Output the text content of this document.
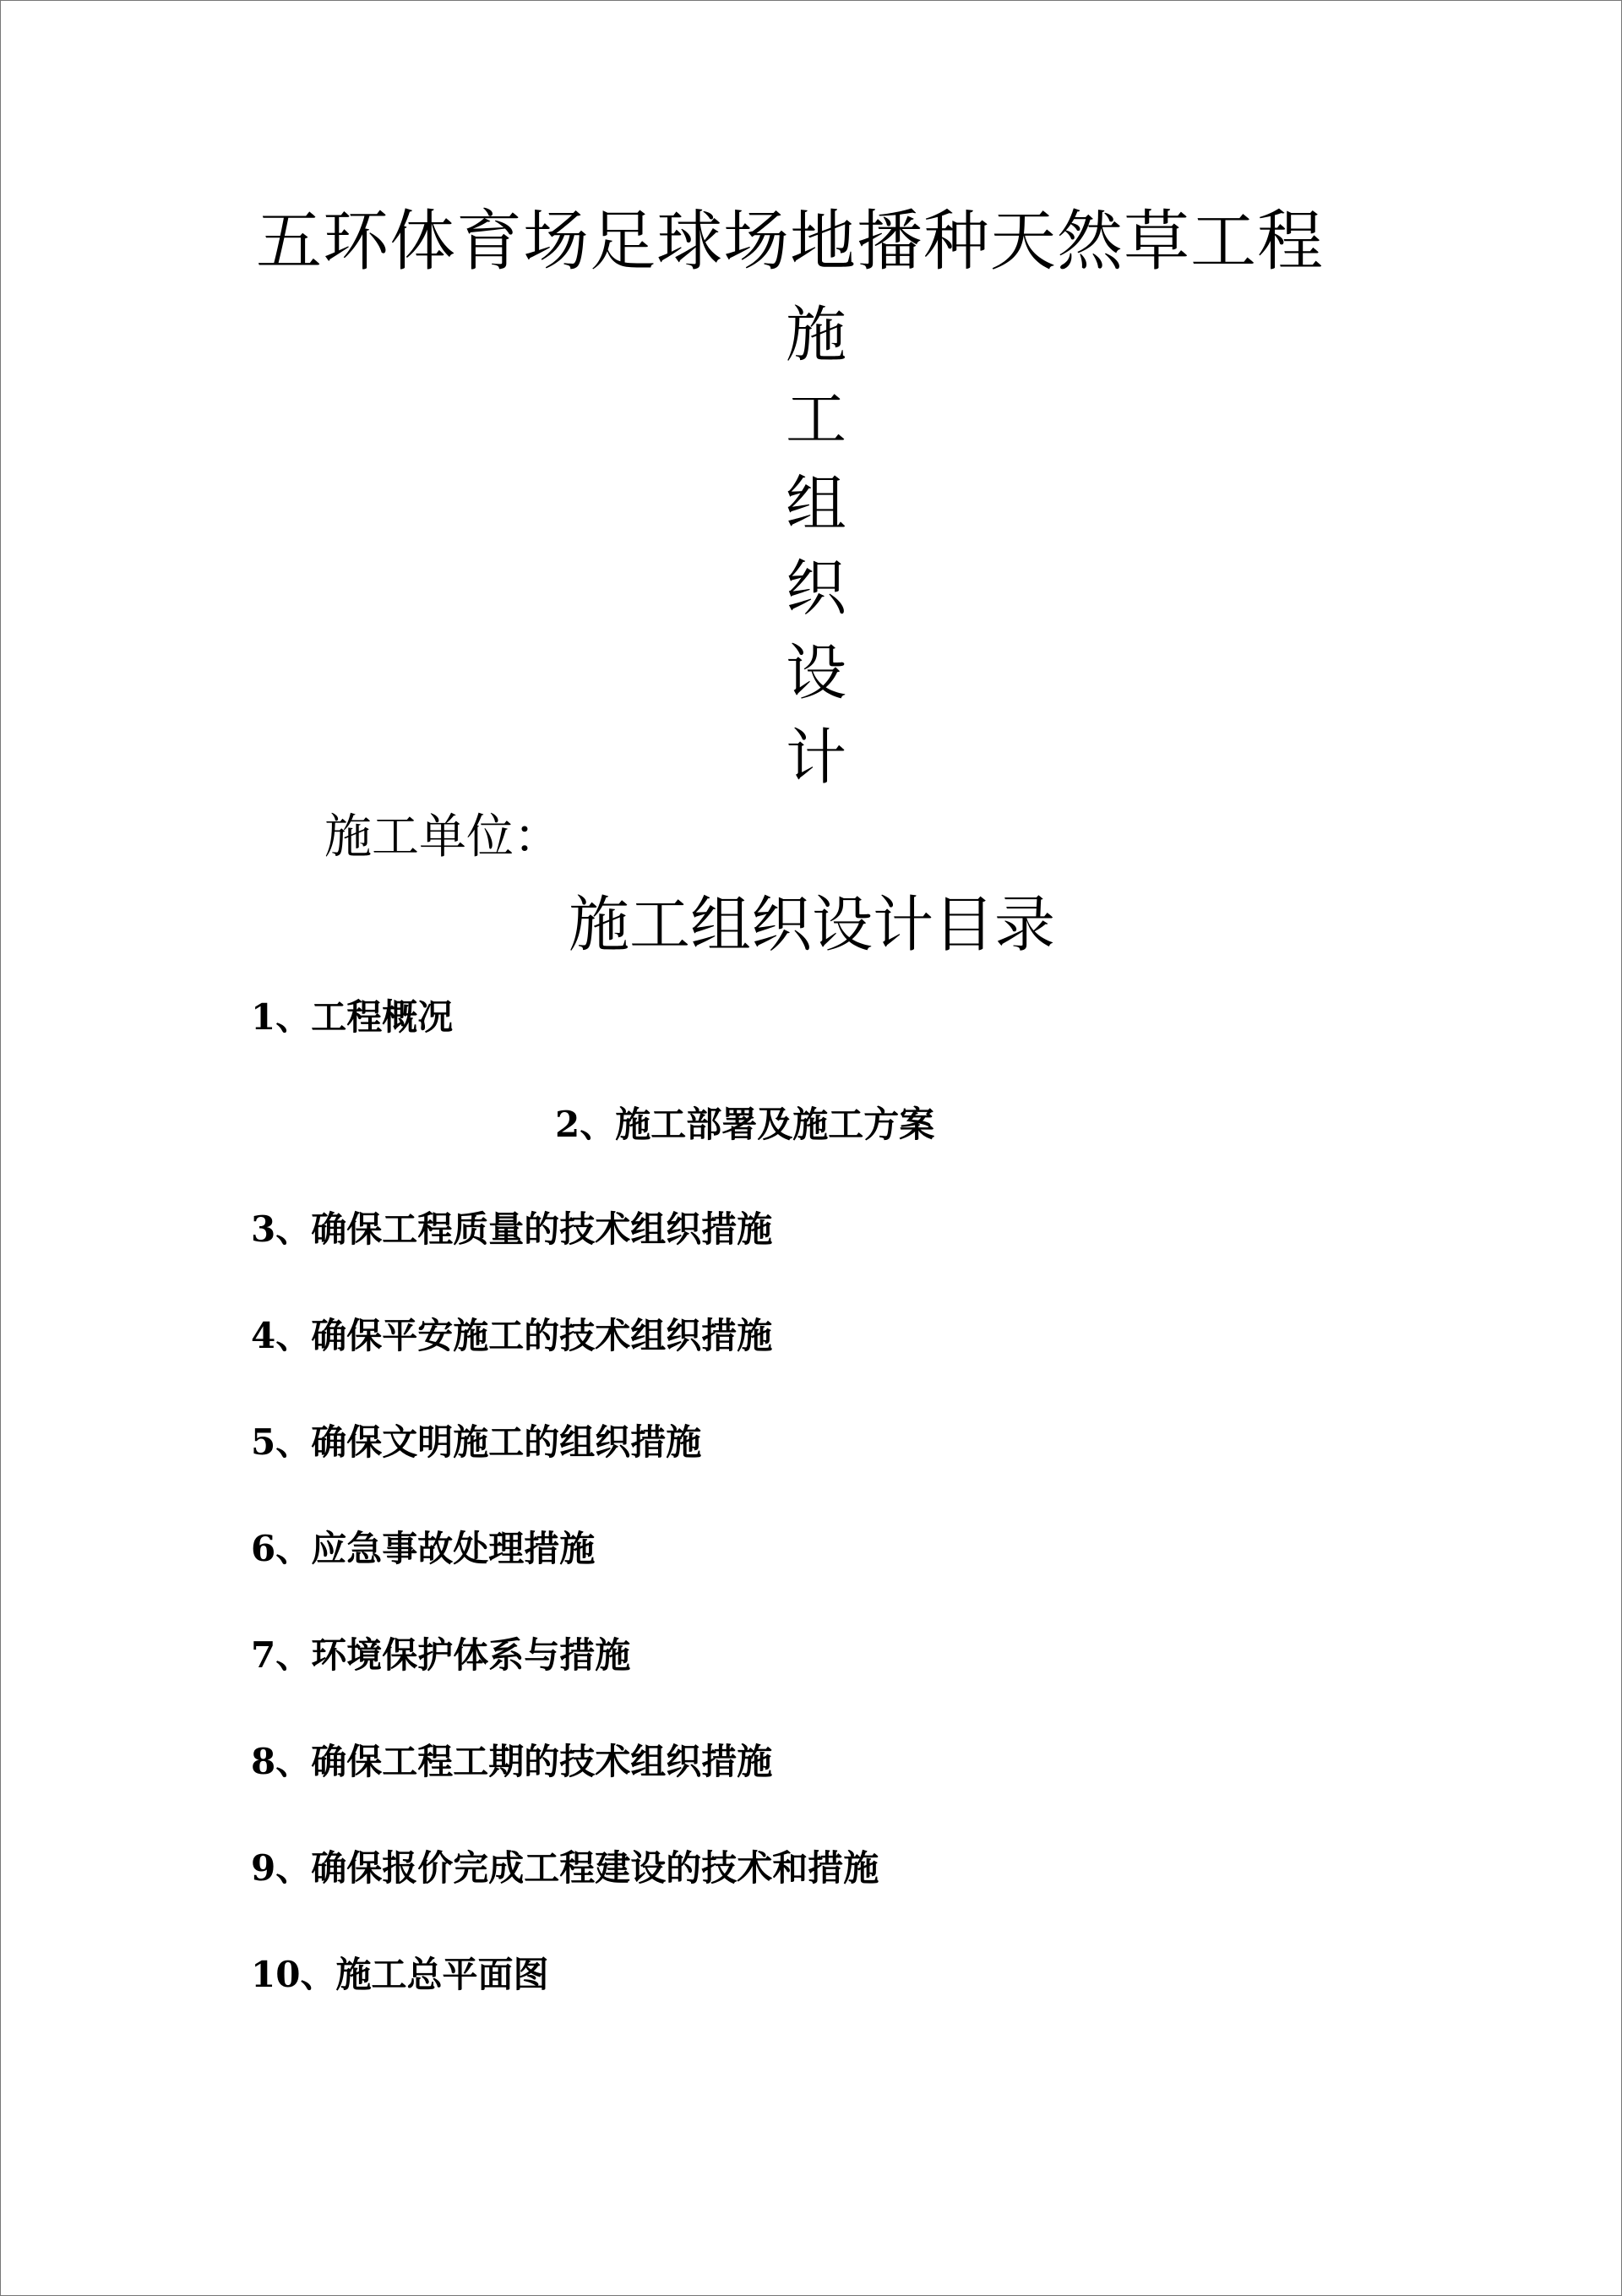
五环体育场足球场地播种天然草工程
施
工
组
织
设
计
施工单位：
施工组织设计目录
1、工程概况
2、施工部署及施工方案
3、确保工程质量的技术组织措施
4、确保平安施工的技术组织措施
5、确保文明施工的组织措施
6、应急事故处理措施
7、环境保护体系与措施
8、确保工程工期的技术组织措施
9、确保报价完成工程建设的技术和措施
10、施工总平面图
